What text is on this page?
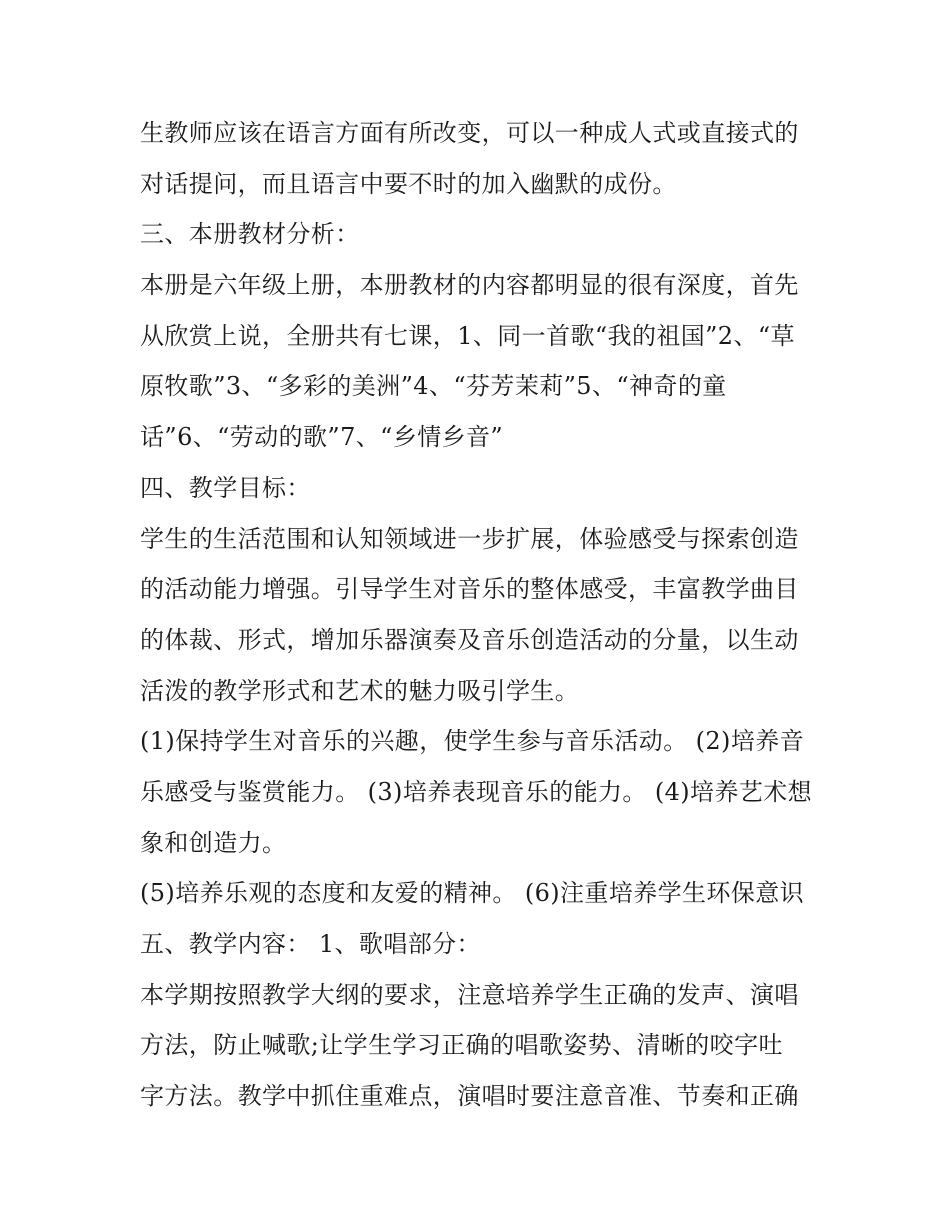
生教师应该在语言方面有所改变，可以一种成人式或直接式的
对话提问，而且语言中要不时的加入幽默的成份。
三、本册教材分析：
本册是六年级上册，本册教材的内容都明显的很有深度，首先
从欣赏上说，全册共有七课，1、同一首歌“我的祖国”2、“草
原牧歌”3、“多彩的美洲”4、“芬芳茉莉”5、“神奇的童
话”6、“劳动的歌”7、“乡情乡音”
四、教学目标：
学生的生活范围和认知领域进一步扩展，体验感受与探索创造
的活动能力增强。引导学生对音乐的整体感受，丰富教学曲目
的体裁、形式，增加乐器演奏及音乐创造活动的分量，以生动
活泼的教学形式和艺术的魅力吸引学生。
(1)保持学生对音乐的兴趣，使学生参与音乐活动。 (2)培养音
乐感受与鉴赏能力。 (3)培养表现音乐的能力。 (4)培养艺术想
象和创造力。
(5)培养乐观的态度和友爱的精神。 (6)注重培养学生环保意识
五、教学内容： 1、歌唱部分：
本学期按照教学大纲的要求，注意培养学生正确的发声、演唱
方法，防止喊歌;让学生学习正确的唱歌姿势、清晰的咬字吐
字方法。教学中抓住重难点，演唱时要注意音准、节奏和正确
